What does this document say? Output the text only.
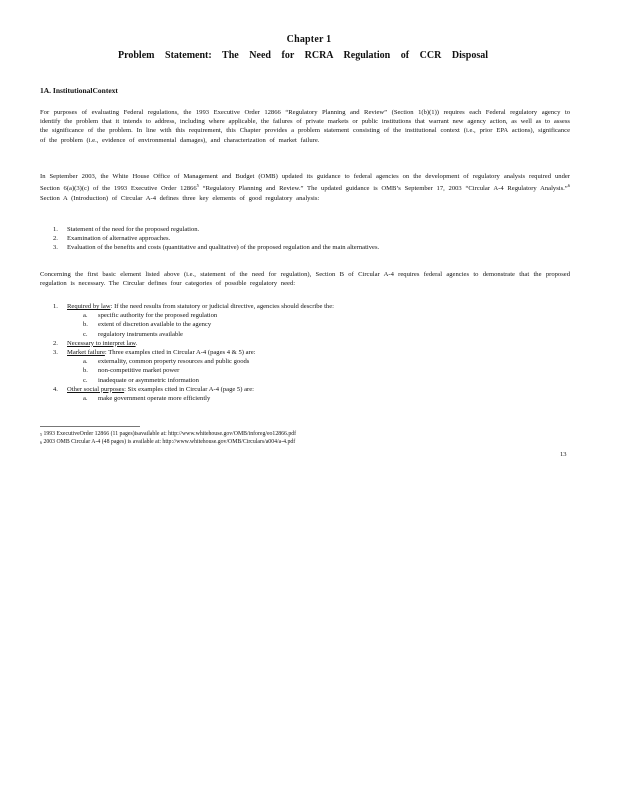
Chapter 1
Problem Statement: The Need for RCRA Regulation of CCR Disposal
1A. InstitutionalContext
For purposes of evaluating Federal regulations, the 1993 Executive Order 12866 “Regulatory Planning and Review” (Section 1(b)(1)) requires each Federal regulatory agency to identify the problem that it intends to address, including where applicable, the failures of private markets or public institutions that warrant new agency action, as well as to assess the significance of the problem. In line with this requirement, this Chapter provides a problem statement consisting of the institutional context (i.e., prior EPA actions), significance of the problem (i.e., evidence of environmental damages), and characterization of market failure.
In September 2003, the White House Office of Management and Budget (OMB) updated its guidance to federal agencies on the development of regulatory analysis required under Section 6(a)(3)(c) of the 1993 Executive Order 12866$^5$ “Regulatory Planning and Review.” The updated guidance is OMB’s September 17, 2003 “Circular A-4 Regulatory Analysis.”$^6$ Section A (Introduction) of Circular A-4 defines three key elements of good regulatory analysis:
1. Statement of the need for the proposed regulation.
2. Examination of alternative approaches.
3. Evaluation of the benefits and costs (quantitative and qualitative) of the proposed regulation and the main alternatives.
Concerning the first basic element listed above (i.e., statement of the need for regulation), Section B of Circular A-4 requires federal agencies to demonstrate that the proposed regulation is necessary. The Circular defines four categories of possible regulatory need:
1. Required by law: If the need results from statutory or judicial directive, agencies should describe the:
a. specific authority for the proposed regulation
b. extent of discretion available to the agency
c. regulatory instruments available
2. Necessary to interpret law.
3. Market failure: Three examples cited in Circular A-4 (pages 4 & 5) are:
a. externality, common property resources and public goods
b. non-competitive market power
c. inadequate or asymmetric information
4. Other social purposes: Six examples cited in Circular A-4 (page 5) are:
a. make government operate more efficiently
$^5$ 1993 ExecutiveOrder 12866 (11 pages)isavailable at: http://www.whitehouse.gov/OMB/inforeg/eo12866.pdf
$^6$ 2003 OMB Circular A-4 (48 pages) is available at: http://www.whitehouse.gov/OMB/Circulars/a004/a-4.pdf
13
